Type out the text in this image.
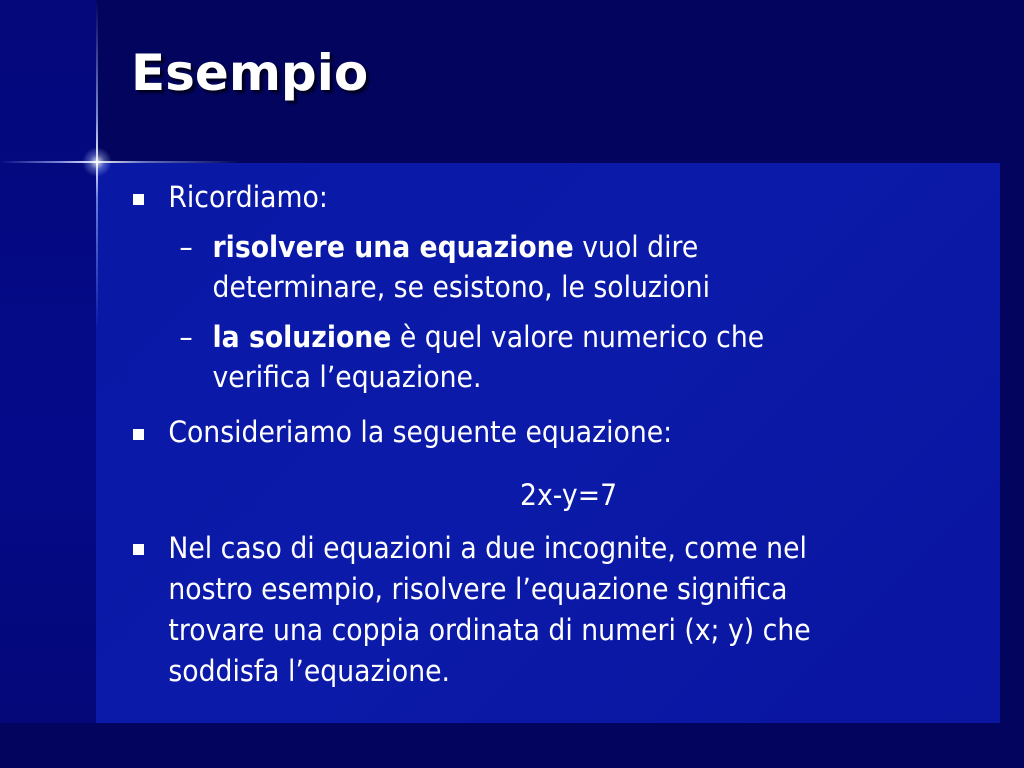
Esempio
Ricordiamo:
– risolvere una equazione vuol dire
determinare, se esistono, le soluzioni
– la soluzione è quel valore numerico che
verifica l’equazione.
Consideriamo la seguente equazione:
Nel caso di equazioni a due incognite, come nel
nostro esempio, risolvere l’equazione significa
trovare una coppia ordinata di numeri (x; y) che
soddisfa l’equazione.
2x-y=7
